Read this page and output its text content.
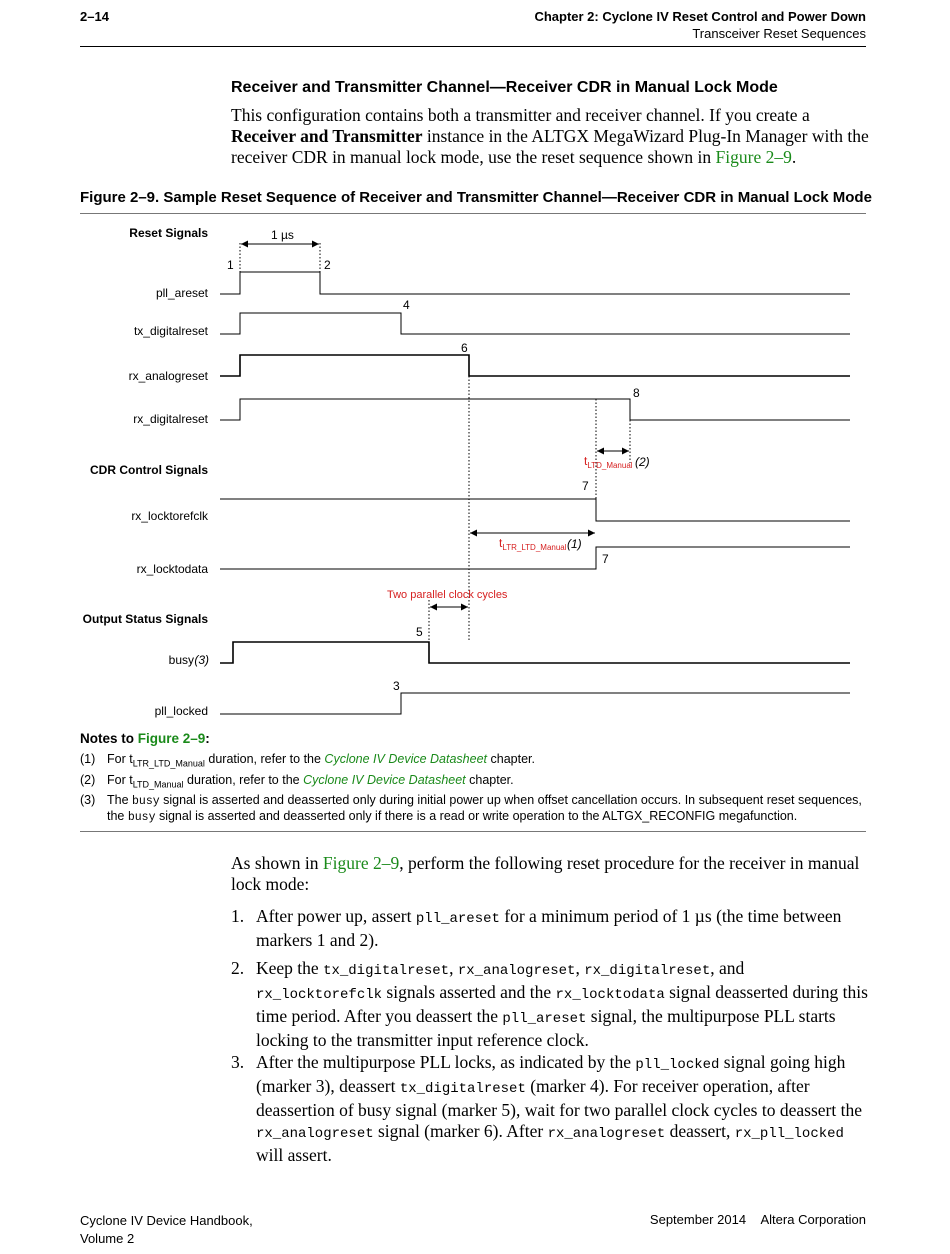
2–14	Chapter 2: Cyclone IV Reset Control and Power Down
Transceiver Reset Sequences
Receiver and Transmitter Channel—Receiver CDR in Manual Lock Mode
This configuration contains both a transmitter and receiver channel. If you create a Receiver and Transmitter instance in the ALTGX MegaWizard Plug-In Manager with the receiver CDR in manual lock mode, use the reset sequence shown in Figure 2–9.
Figure 2–9. Sample Reset Sequence of Receiver and Transmitter Channel—Receiver CDR in Manual Lock Mode
Reset Signals
CDR Control Signals
Output Status Signals
pll_areset
tx_digitalreset
rx_analogreset
rx_digitalreset
rx_locktorefclk
rx_locktodata
busy (3)
pll_locked
1	2
3
4
5
6
7
7
8
1 µs
$t_{LTD\_Manual}$ (2)
$t_{LTR\_LTD\_Manual}$ (1)
Two parallel clock cycles
Notes to Figure 2–9:
(1) For $t_{LTR\_LTD\_Manual}$ duration, refer to the Cyclone IV Device Datasheet chapter.
(2) For $t_{LTD\_Manual}$ duration, refer to the Cyclone IV Device Datasheet chapter.
(3) The busy signal is asserted and deasserted only during initial power up when offset cancellation occurs. In subsequent reset sequences, the busy signal is asserted and deasserted only if there is a read or write operation to the ALTGX_RECONFIG megafunction.
As shown in Figure 2–9, perform the following reset procedure for the receiver in manual lock mode:
1. After power up, assert pll_areset for a minimum period of 1 µs (the time between markers 1 and 2).
2. Keep the tx_digitalreset, rx_analogreset, rx_digitalreset, and rx_locktorefclk signals asserted and the rx_locktodata signal deasserted during this time period. After you deassert the pll_areset signal, the multipurpose PLL starts locking to the transmitter input reference clock.
3. After the multipurpose PLL locks, as indicated by the pll_locked signal going high (marker 3), deassert tx_digitalreset (marker 4). For receiver operation, after deassertion of busy signal (marker 5), wait for two parallel clock cycles to deassert the rx_analogreset signal (marker 6). After rx_analogreset deassert, rx_pll_locked will assert.
Cyclone IV Device Handbook,
Volume 2
September 2014 Altera Corporation
